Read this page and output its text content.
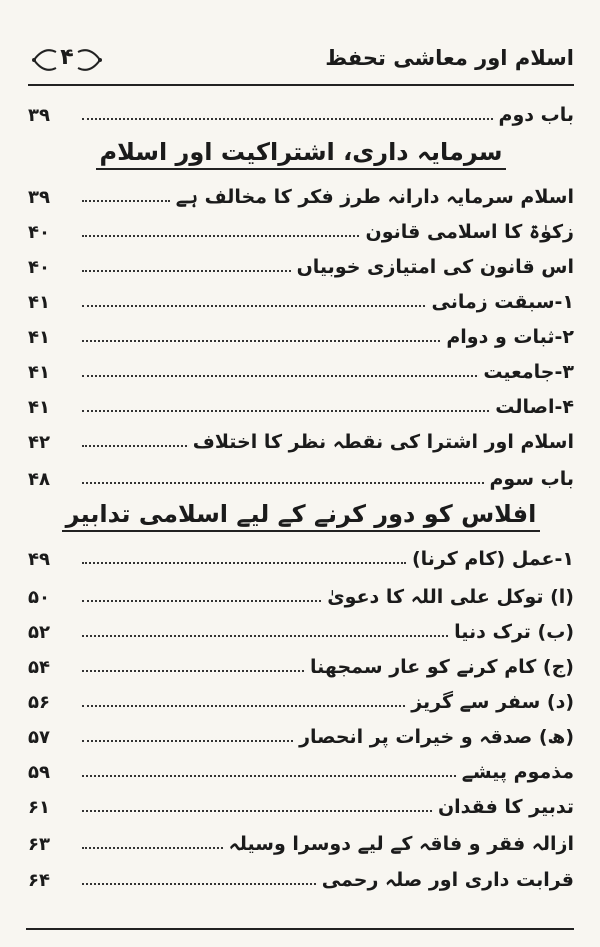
اسلام اور معاشی تحفظ
۴
باب دوم
۳۹
سرمایہ داری، اشتراکیت اور اسلام
اسلام سرمایہ دارانہ طرز فکر کا مخالف ہے
۳۹
زکوٰۃ کا اسلامی قانون
۴۰
اس قانون کی امتیازی خوبیاں
۴۰
۱-سبقت زمانی
۴۱
۲-ثبات و دوام
۴۱
۳-جامعیت
۴۱
۴-اصالت
۴۱
اسلام اور اشترا کی نقطہ نظر کا اختلاف
۴۲
باب سوم
۴۸
افلاس کو دور کرنے کے لیے اسلامی تدابیر
۱-عمل (کام کرنا)
۴۹
(ا) توکل علی اللہ کا دعویٰ
۵۰
(ب) ترک دنیا
۵۲
(ج) کام کرنے کو عار سمجھنا
۵۴
(د) سفر سے گریز
۵۶
(ھ) صدقہ و خیرات پر انحصار
۵۷
مذموم پیشے
۵۹
تدبیر کا فقدان
۶۱
ازالہ فقر و فاقہ کے لیے دوسرا وسیلہ
۶۳
قرابت داری اور صلہ رحمی
۶۴
